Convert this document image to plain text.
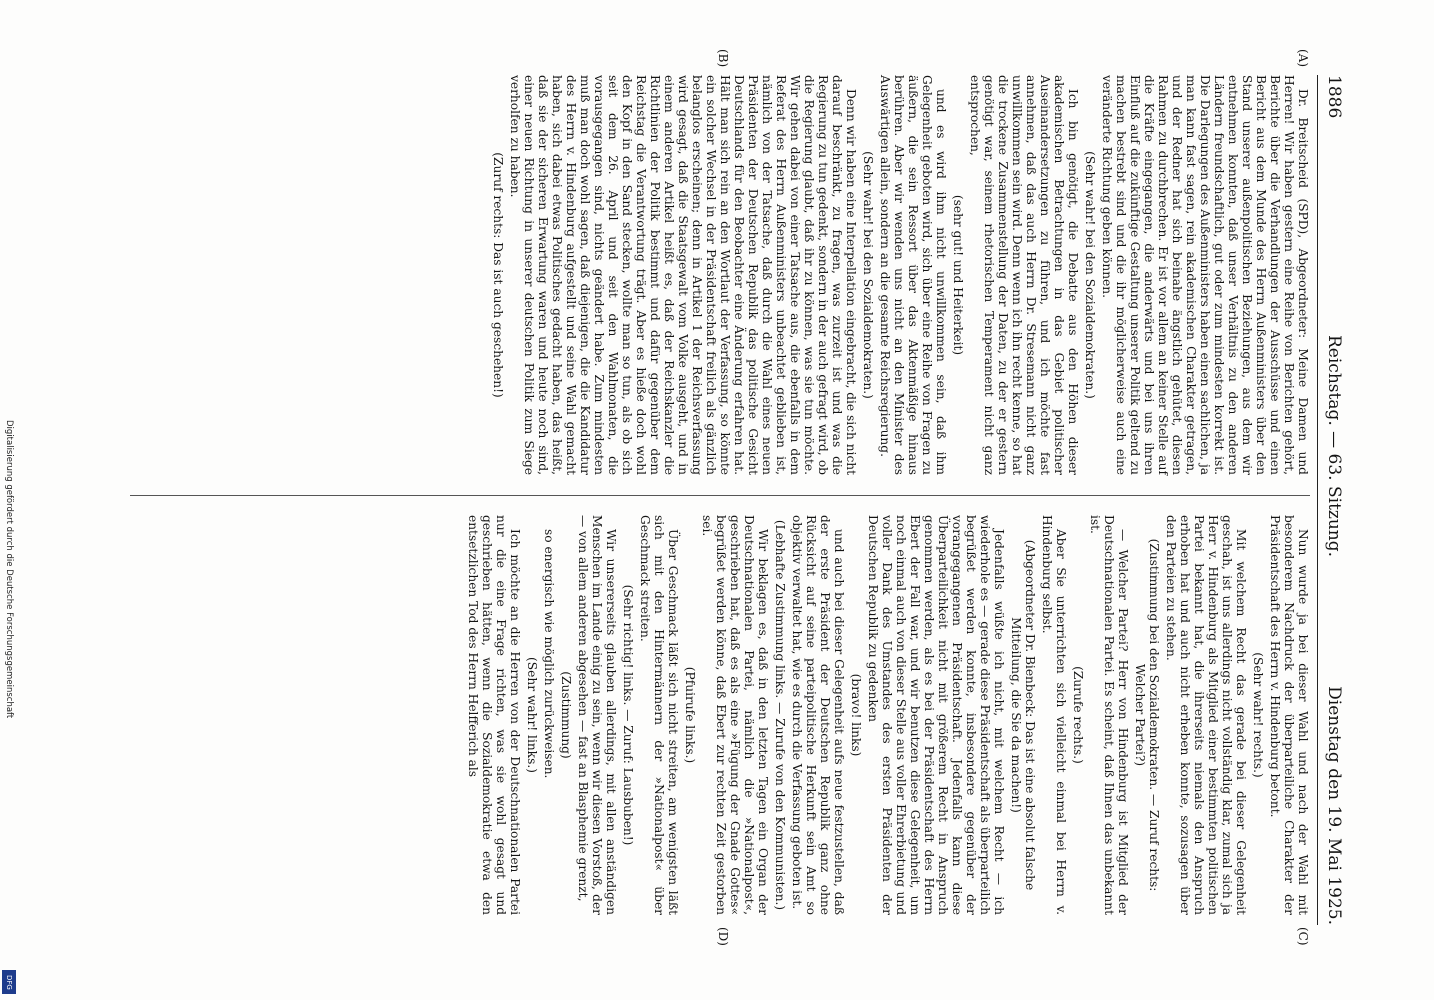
1886
Reichstag. — 63. Sitzung.
Dienstag den 19. Mai 1925.
(A)
(B)
(C)
(D)

Dr. Breitscheid (SPD), Abgeordneter: Meine Damen und Herren! Wir haben gestern eine Reihe von Berichten gehört, Berichte über die Verhandlungen der Ausschüsse und einen Bericht aus dem Munde des Herrn Außenministers über den Stand unserer außenpolitischen Beziehungen, aus dem wir entnehmen konnten, daß unser Verhältnis zu den anderen Ländern freundschaftlich, gut oder zum mindesten korrekt ist. Die Darlegungen des Außenministers haben einen sachlichen, ja man kann fast sagen, rein akademischen Charakter getragen, und der Redner hat sich beinahe ängstlich gehütet, diesen Rahmen zu durchbrechen. Er ist vor allem an keiner Stelle auf die Kräfte eingegangen, die anderwärts und bei uns ihren Einfluß auf die zukünftige Gestaltung unserer Politik geltend zu machen bestrebt sind und die ihr möglicherweise auch eine veränderte Richtung geben können.

(Sehr wahr! bei den Sozialdemokraten.)

Ich bin genötigt, die Debatte aus den Höhen dieser akademischen Betrachtungen in das Gebiet politischer Auseinandersetzungen zu führen, und ich möchte fast annehmen, daß das auch Herrn Dr. Stresemann nicht ganz unwillkommen sein wird. Denn wenn ich ihn recht kenne, so hat die trockene Zusammenstellung der Daten, zu der er gestern genötigt war, seinem rhetorischen Temperament nicht ganz entsprochen,

(sehr gut! und Heiterkeit)

und es wird ihm nicht unwillkommen sein, daß ihm Gelegenheit geboten wird, sich über eine Reihe von Fragen zu äußern, die sein Ressort über das Aktenmäßige hinaus berühren. Aber wir wenden uns nicht an den Minister des Auswärtigen allein, sondern an die gesamte Reichsregierung.

(Sehr wahr! bei den Sozialdemokraten.)

Denn wir haben eine Interpellation eingebracht, die sich nicht darauf beschränkt, zu fragen, was zurzeit ist und was die Regierung zu tun gedenkt, sondern in der auch gefragt wird, ob die Regierung glaubt, daß ihr zu können, was sie tun möchte. Wir gehen dabei von einer Tatsache aus, die ebenfalls in dem Referat des Herrn Außenministers unbeachtet geblieben ist, nämlich von der Tatsache, daß durch die Wahl eines neuen Präsidenten der Deutschen Republik das politische Gesicht Deutschlands für den Beobachter eine Änderung erfahren hat. Hält man sich rein an den Wortlaut der Verfassung, so könnte ein solcher Wechsel in der Präsidentschaft freilich als gänzlich belanglos erscheinen; denn in Artikel 1 der Reichsverfassung wird gesagt, daß die Staatsgewalt vom Volke ausgeht, und in einem anderen Artikel heißt es, daß der Reichskanzler die Richtlinien der Politik bestimmt und dafür gegenüber dem Reichstag die Verantwortung trägt. Aber es hieße doch wohl den Kopf in den Sand stecken, wollte man so tun, als ob sich seit dem 26. April und seit den Wahlmonaten, die vorausgegangen sind, nichts geändert habe. Zum mindesten muß man doch wohl sagen, daß diejenigen, die die Kandidatur des Herrn v. Hindenburg aufgestellt und seine Wahl gemacht haben, sich dabei etwas Politisches gedacht haben, das heißt, daß sie der sicheren Erwartung waren und heute noch sind, einer neuen Richtung in unserer deutschen Politik zum Siege verholfen zu haben.

(Zuruf rechts: Das ist auch geschehen!)

Nun wurde ja bei dieser Wahl und nach der Wahl mit besonderem Nachdruck der überparteiliche Charakter der Präsidentschaft des Herrn v. Hindenburg betont.

(Sehr wahr! rechts.)

Mit welchem Recht das gerade bei dieser Gelegenheit geschah, ist uns allerdings nicht vollständig klar, zumal sich ja Herr v. Hindenburg als Mitglied einer bestimmten politischen Partei bekannt hat, die ihrerseits niemals den Anspruch erhoben hat und auch nicht erheben konnte, sozusagen über den Parteien zu stehen.

(Zustimmung bei den Sozialdemokraten. — Zuruf rechts: Welcher Partei?)

— Welcher Partei? Herr von Hindenburg ist Mitglied der Deutschnationalen Partei. Es scheint, daß Ihnen das unbekannt ist.

(Zurufe rechts.)

Aber Sie unterrichten sich vielleicht einmal bei Herrn v. Hindenburg selbst.

(Abgeordneter Dr. Bienbeck: Das ist eine absolut falsche Mitteilung, die Sie da machen!)

Jedenfalls wüßte ich nicht, mit welchem Recht — ich wiederhole es — gerade diese Präsidentschaft als überparteilich begrüßet werden konnte, insbesondere gegenüber der vorangegangenen Präsidentschaft. Jedenfalls kann diese Überparteilichkeit nicht mit größerem Recht in Anspruch genommen werden, als es bei der Präsidentschaft des Herrn Ebert der Fall war, und wir benutzen diese Gelegenheit, um noch einmal auch von dieser Stelle aus voller Ehrerbietung und voller Dank des Umstandes des ersten Präsidenten der Deutschen Republik zu gedenken

(bravo! links)

und auch bei dieser Gelegenheit aufs neue festzustellen, daß der erste Präsident der Deutschen Republik ganz ohne Rücksicht auf seine parteipolitische Herkunft sein Amt so objektiv verwaltet hat, wie es durch die Verfassung geboten ist.

(Lebhafte Zustimmung links. — Zurufe von den Kommunisten.)

Wir beklagen es, daß in den letzten Tagen ein Organ der Deutschnationalen Partei, nämlich die »Nationalpost«, geschrieben hat, daß es als eine »Fügung der Gnade Gottes« begrüßet werden könne, daß Ebert zur rechten Zeit gestorben sei.

(Pfuirufe links.)

Über Geschmack läßt sich nicht streiten, am wenigsten läßt sich mit den Hintermännern der »Nationalpost« über Geschmack streiten.

(Sehr richtig! links. — Zuruf: Lausbuben!)

Wir unsererseits glauben allerdings, mit allen anständigen Menschen im Lande einig zu sein, wenn wir diesen Vorstoß, der — von allem anderen abgesehen — fast an Blasphemie grenzt,

(Zustimmung)

so energisch wie möglich zurückweisen.

(Sehr wahr! links.)

Ich möchte an die Herren von der Deutschnationalen Partei nur die eine Frage richten, was sie wohl gesagt und geschrieben hätten, wenn die Sozialdemokratie etwa den entsetzlichen Tod des Herrn Helfferich als

Digitalisierung gefördert durch die Deutsche Forschungsgemeinschaft
DFG
